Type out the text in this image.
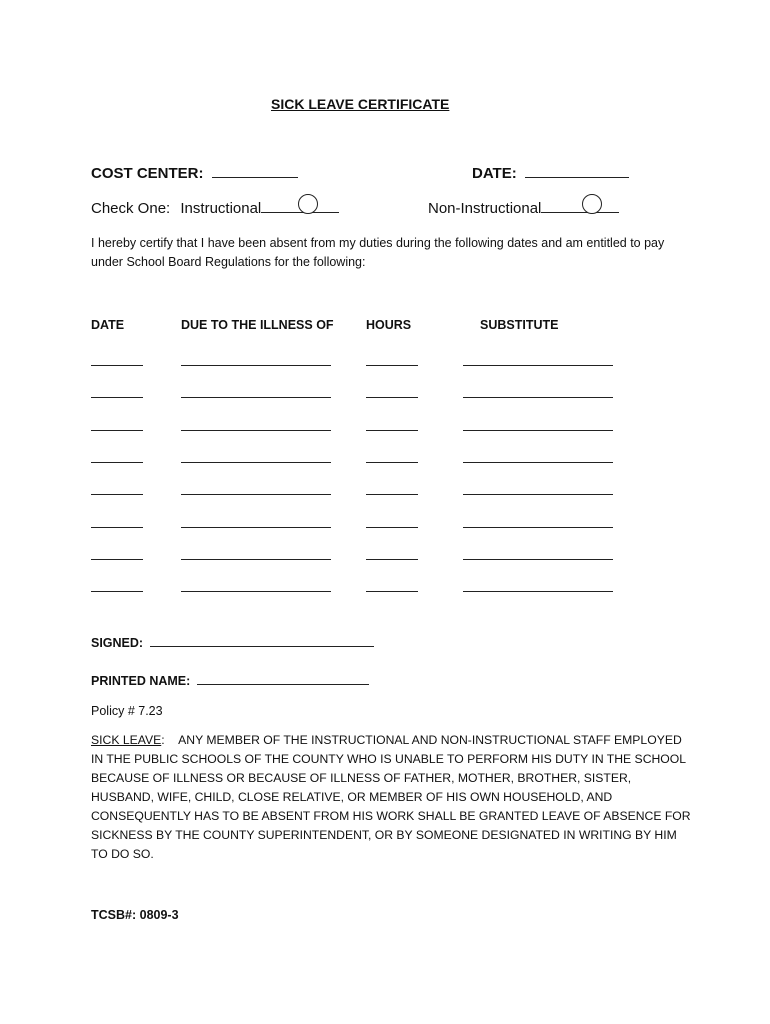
SICK LEAVE CERTIFICATE
COST CENTER:	DATE:
Check One: Instructional	Non-Instructional
I hereby certify that I have been absent from my duties during the following dates and am entitled to pay under School Board Regulations for the following:
DATE	DUE TO THE ILLNESS OF	HOURS	SUBSTITUTE
SIGNED:
PRINTED NAME:
Policy # 7.23
SICK LEAVE:    ANY MEMBER OF THE INSTRUCTIONAL AND NON-INSTRUCTIONAL STAFF EMPLOYED IN THE PUBLIC SCHOOLS OF THE COUNTY WHO IS UNABLE TO PERFORM HIS DUTY IN THE SCHOOL BECAUSE OF ILLNESS OR BECAUSE OF ILLNESS OF FATHER, MOTHER, BROTHER, SISTER, HUSBAND, WIFE, CHILD, CLOSE RELATIVE, OR MEMBER OF HIS OWN HOUSEHOLD, AND CONSEQUENTLY HAS TO BE ABSENT FROM HIS WORK SHALL BE GRANTED LEAVE OF ABSENCE FOR SICKNESS BY THE COUNTY SUPERINTENDENT, OR BY SOMEONE DESIGNATED IN WRITING BY HIM TO DO SO.
TCSB#: 0809-3
